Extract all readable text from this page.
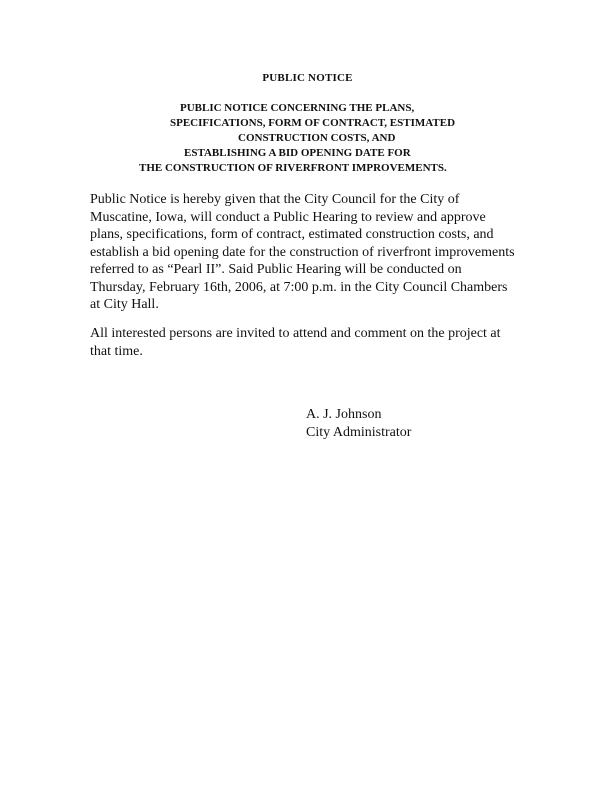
PUBLIC NOTICE
PUBLIC NOTICE CONCERNING THE PLANS,
SPECIFICATIONS, FORM OF CONTRACT, ESTIMATED
CONSTRUCTION COSTS, AND
ESTABLISHING A BID OPENING DATE FOR
THE CONSTRUCTION OF RIVERFRONT IMPROVEMENTS.
Public Notice is hereby given that the City Council for the City of
Muscatine, Iowa, will conduct a Public Hearing to review and approve
plans, specifications, form of contract, estimated construction costs, and
establish a bid opening date for the construction of riverfront improvements
referred to as “Pearl II”. Said Public Hearing will be conducted on
Thursday, February 16th, 2006, at 7:00 p.m. in the City Council Chambers
at City Hall.
All interested persons are invited to attend and comment on the project at
that time.
A. J. Johnson
City Administrator
